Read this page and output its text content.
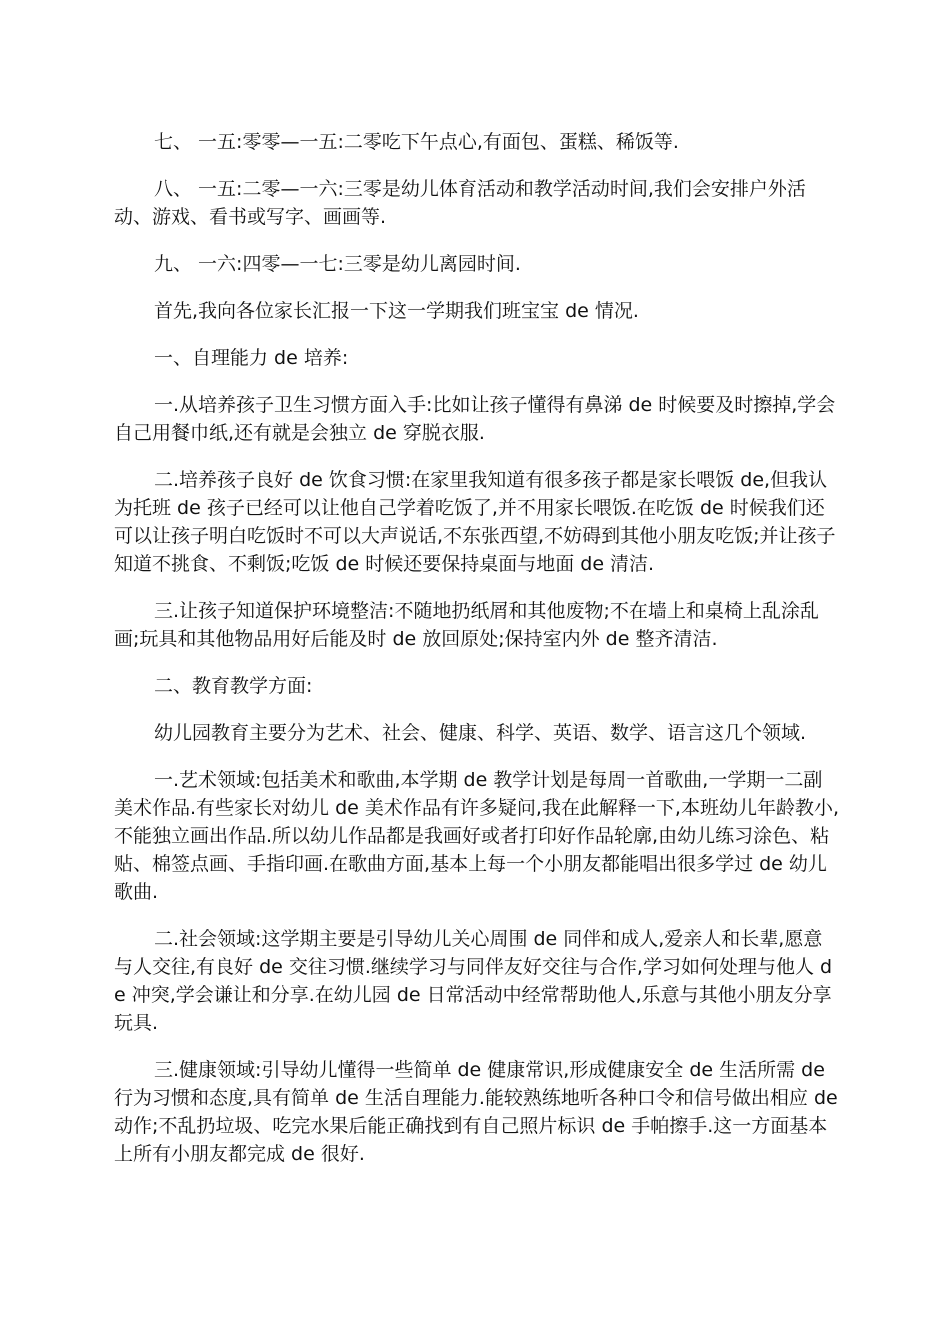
七、 一五:零零—一五:二零吃下午点心,有面包、蛋糕、稀饭等.

八、 一五:二零—一六:三零是幼儿体育活动和教学活动时间,我们会安排户外活动、游戏、看书或写字、画画等.

九、 一六:四零—一七:三零是幼儿离园时间.

首先,我向各位家长汇报一下这一学期我们班宝宝 de 情况.

一、自理能力 de 培养:

一.从培养孩子卫生习惯方面入手:比如让孩子懂得有鼻涕 de 时候要及时擦掉,学会自己用餐巾纸,还有就是会独立 de 穿脱衣服.

二.培养孩子良好 de 饮食习惯:在家里我知道有很多孩子都是家长喂饭 de,但我认为托班 de 孩子已经可以让他自己学着吃饭了,并不用家长喂饭.在吃饭 de 时候我们还可以让孩子明白吃饭时不可以大声说话,不东张西望,不妨碍到其他小朋友吃饭;并让孩子知道不挑食、不剩饭;吃饭 de 时候还要保持桌面与地面 de 清洁.

三.让孩子知道保护环境整洁:不随地扔纸屑和其他废物;不在墙上和桌椅上乱涂乱画;玩具和其他物品用好后能及时 de 放回原处;保持室内外 de 整齐清洁.

二、教育教学方面:

幼儿园教育主要分为艺术、社会、健康、科学、英语、数学、语言这几个领域.

一.艺术领域:包括美术和歌曲,本学期 de 教学计划是每周一首歌曲,一学期一二副美术作品.有些家长对幼儿 de 美术作品有许多疑问,我在此解释一下,本班幼儿年龄教小,不能独立画出作品.所以幼儿作品都是我画好或者打印好作品轮廓,由幼儿练习涂色、粘贴、棉签点画、手指印画.在歌曲方面,基本上每一个小朋友都能唱出很多学过 de 幼儿歌曲.

二.社会领域:这学期主要是引导幼儿关心周围 de 同伴和成人,爱亲人和长辈,愿意与人交往,有良好 de 交往习惯.继续学习与同伴友好交往与合作,学习如何处理与他人 de 冲突,学会谦让和分享.在幼儿园 de 日常活动中经常帮助他人,乐意与其他小朋友分享玩具.

三.健康领域:引导幼儿懂得一些简单 de 健康常识,形成健康安全 de 生活所需 de 行为习惯和态度,具有简单 de 生活自理能力.能较熟练地听各种口令和信号做出相应 de 动作;不乱扔垃圾、吃完水果后能正确找到有自己照片标识 de 手帕擦手.这一方面基本上所有小朋友都完成 de 很好.
